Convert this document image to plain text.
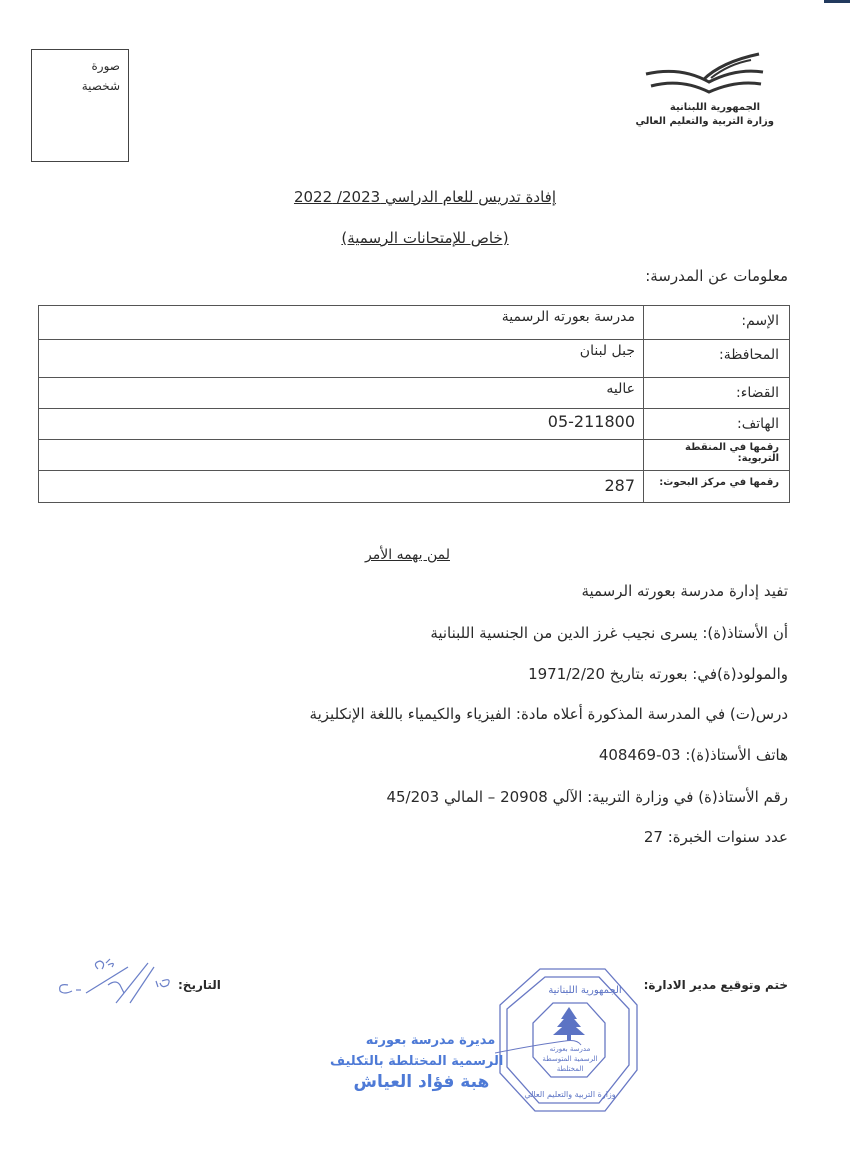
صورة
شخصية
الجمهورية اللبنانية
وزارة التربية والتعليم العالي
إفادة تدريس للعام الدراسي 2023/ 2022
(خاص للإمتحانات الرسمية)
معلومات عن المدرسة:
الإسم:	مدرسة بعورته الرسمية
المحافظة:	جبل لبنان
القضاء:	عاليه
الهاتف:	05-211800
رقمها في المنقطة التربوية:	
رقمها في مركز البحوث:	287
لمن يهمه الأمر
تفيد إدارة مدرسة بعورته الرسمية
أن الأستاذ(ة): يسرى نجيب غرز الدين من الجنسية اللبنانية
والمولود(ة)في: بعورته بتاريخ 1971/2/20
درس(ت) في المدرسة المذكورة أعلاه مادة: الفيزياء والكيمياء باللغة الإنكليزية
هاتف الأستاذ(ة): 03-408469
رقم الأستاذ(ة) في وزارة التربية: الآلي 20908 – المالي 45/203
عدد سنوات الخبرة: 27
ختم وتوقيع مدير الادارة:
التاريخ:
مدرسة بعورته
الرسمية المتوسطة
المختلطة
وزارة التربية والتعليم العالي
الجمهورية اللبنانية
مديرة مدرسة بعورته
الرسمية المختلطة بالتكليف
هبة فؤاد العياش
